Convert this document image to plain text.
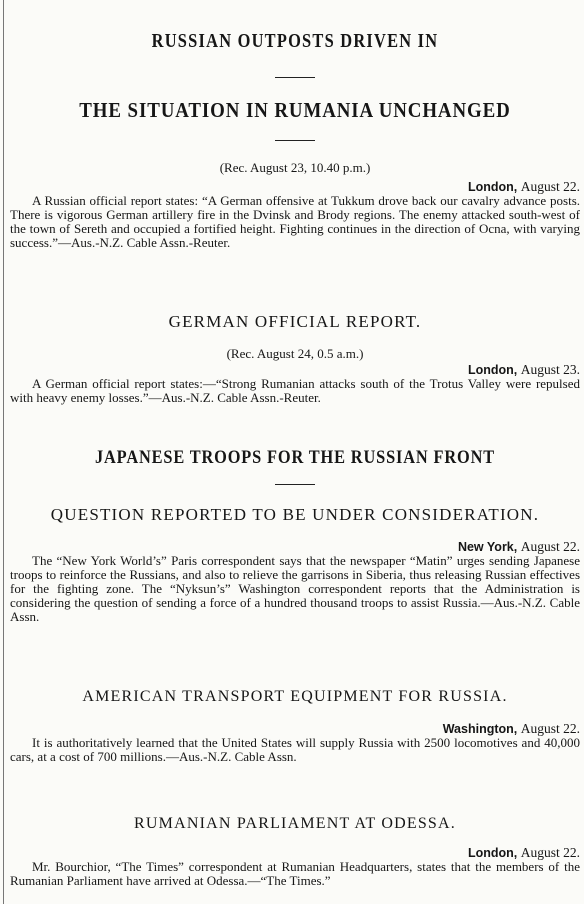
RUSSIAN OUTPOSTS DRIVEN IN
THE SITUATION IN RUMANIA UNCHANGED

(Rec. August 23, 10.40 p.m.)

London, August 22.

A Russian official report states: “A German offensive at Tukkum drove back our cavalry advance posts. There is vigorous German artillery fire in the Dvinsk and Brody regions. The enemy attacked south-west of the town of Sereth and occupied a fortified height. Fighting continues in the direction of Ocna, with varying success.”—Aus.-N.Z. Cable Assn.-Reuter.

GERMAN OFFICIAL REPORT.

(Rec. August 24, 0.5 a.m.)

London, August 23.

A German official report states:—“Strong Rumanian attacks south of the Trotus Valley were repulsed with heavy enemy losses.”—Aus.-N.Z. Cable Assn.-Reuter.

JAPANESE TROOPS FOR THE RUSSIAN FRONT
QUESTION REPORTED TO BE UNDER CONSIDERATION.

New York, August 22.

The “New York World’s” Paris correspondent says that the newspaper “Matin” urges sending Japanese troops to reinforce the Russians, and also to relieve the garrisons in Siberia, thus releasing Russian effectives for the fighting zone. The “Nyksun’s” Washington correspondent reports that the Administration is considering the question of sending a force of a hundred thousand troops to assist Russia.—Aus.-N.Z. Cable Assn.

AMERICAN TRANSPORT EQUIPMENT FOR RUSSIA.

Washington, August 22.

It is authoritatively learned that the United States will supply Russia with 2500 locomotives and 40,000 cars, at a cost of 700 millions.—Aus.-N.Z. Cable Assn.

RUMANIAN PARLIAMENT AT ODESSA.

London, August 22.

Mr. Bourchior, “The Times” correspondent at Rumanian Headquarters, states that the members of the Rumanian Parliament have arrived at Odessa.—“The Times.”
